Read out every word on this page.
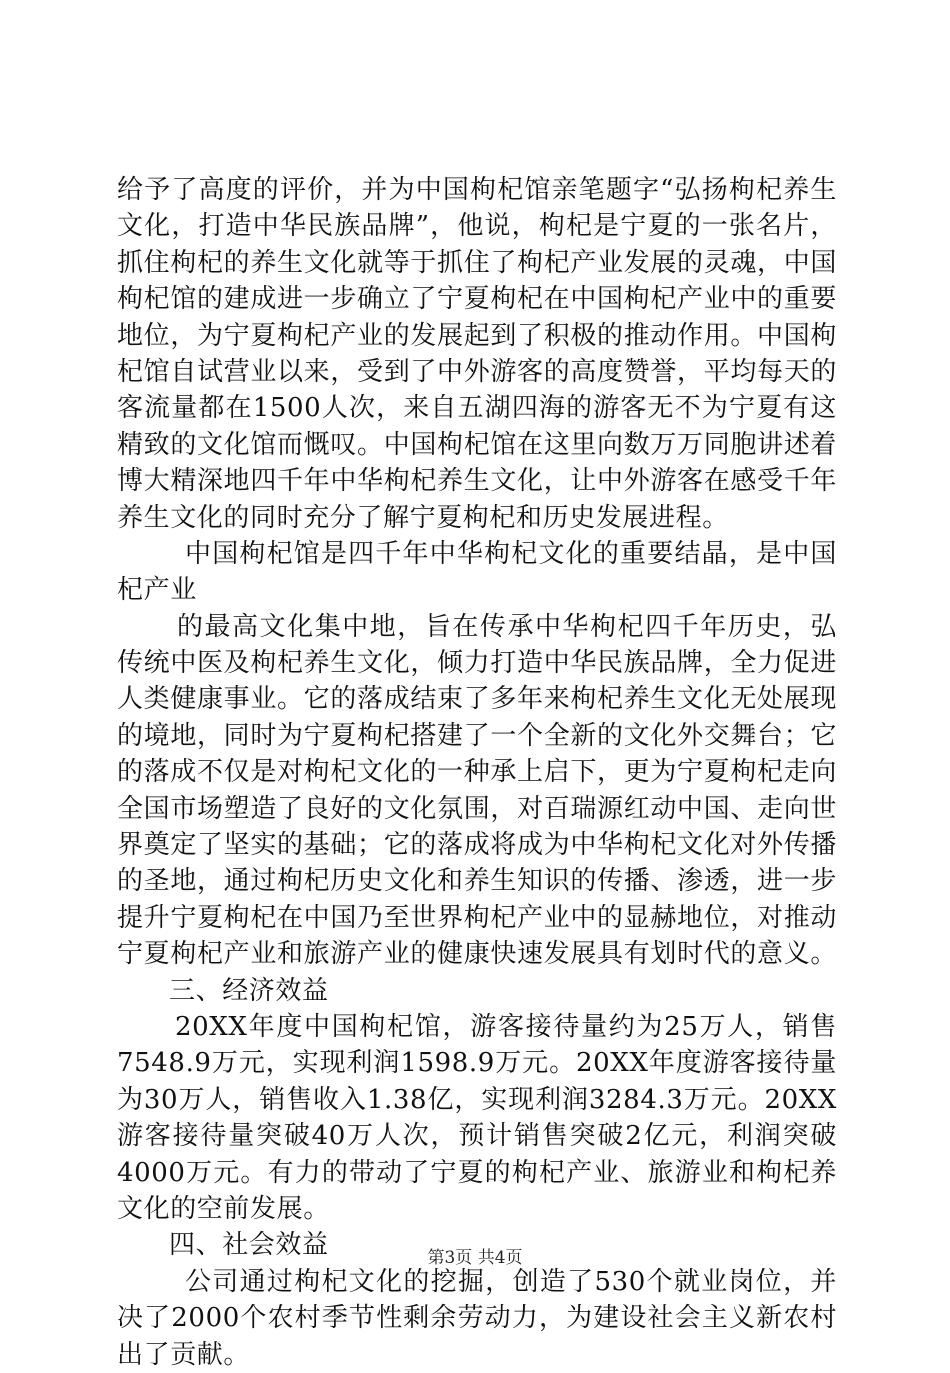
给予了高度的评价，并为中国枸杞馆亲笔题字“弘扬枸杞养生
文化，打造中华民族品牌”，他说，枸杞是宁夏的一张名片，
抓住枸杞的养生文化就等于抓住了枸杞产业发展的灵魂，中国
枸杞馆的建成进一步确立了宁夏枸杞在中国枸杞产业中的重要
地位，为宁夏枸杞产业的发展起到了积极的推动作用。中国枸
杞馆自试营业以来，受到了中外游客的高度赞誉，平均每天的
客流量都在1500人次，来自五湖四海的游客无不为宁夏有这
精致的文化馆而慨叹。中国枸杞馆在这里向数万万同胞讲述着
博大精深地四千年中华枸杞养生文化，让中外游客在感受千年
养生文化的同时充分了解宁夏枸杞和历史发展进程。
中国枸杞馆是四千年中华枸杞文化的重要结晶，是中国
杞产业
的最高文化集中地，旨在传承中华枸杞四千年历史，弘
传统中医及枸杞养生文化，倾力打造中华民族品牌，全力促进
人类健康事业。它的落成结束了多年来枸杞养生文化无处展现
的境地，同时为宁夏枸杞搭建了一个全新的文化外交舞台；它
的落成不仅是对枸杞文化的一种承上启下，更为宁夏枸杞走向
全国市场塑造了良好的文化氛围，对百瑞源红动中国、走向世
界奠定了坚实的基础；它的落成将成为中华枸杞文化对外传播
的圣地，通过枸杞历史文化和养生知识的传播、渗透，进一步
提升宁夏枸杞在中国乃至世界枸杞产业中的显赫地位，对推动
宁夏枸杞产业和旅游产业的健康快速发展具有划时代的意义。
三、经济效益
20XX年度中国枸杞馆，游客接待量约为25万人，销售
7548.9万元，实现利润1598.9万元。20XX年度游客接待量
为30万人，销售收入1.38亿，实现利润3284.3万元。20XX
游客接待量突破40万人次，预计销售突破2亿元，利润突破
4000万元。有力的带动了宁夏的枸杞产业、旅游业和枸杞养
文化的空前发展。
四、社会效益
公司通过枸杞文化的挖掘，创造了530个就业岗位，并
决了2000个农村季节性剩余劳动力，为建设社会主义新农村
出了贡献。
第3页 共4页
